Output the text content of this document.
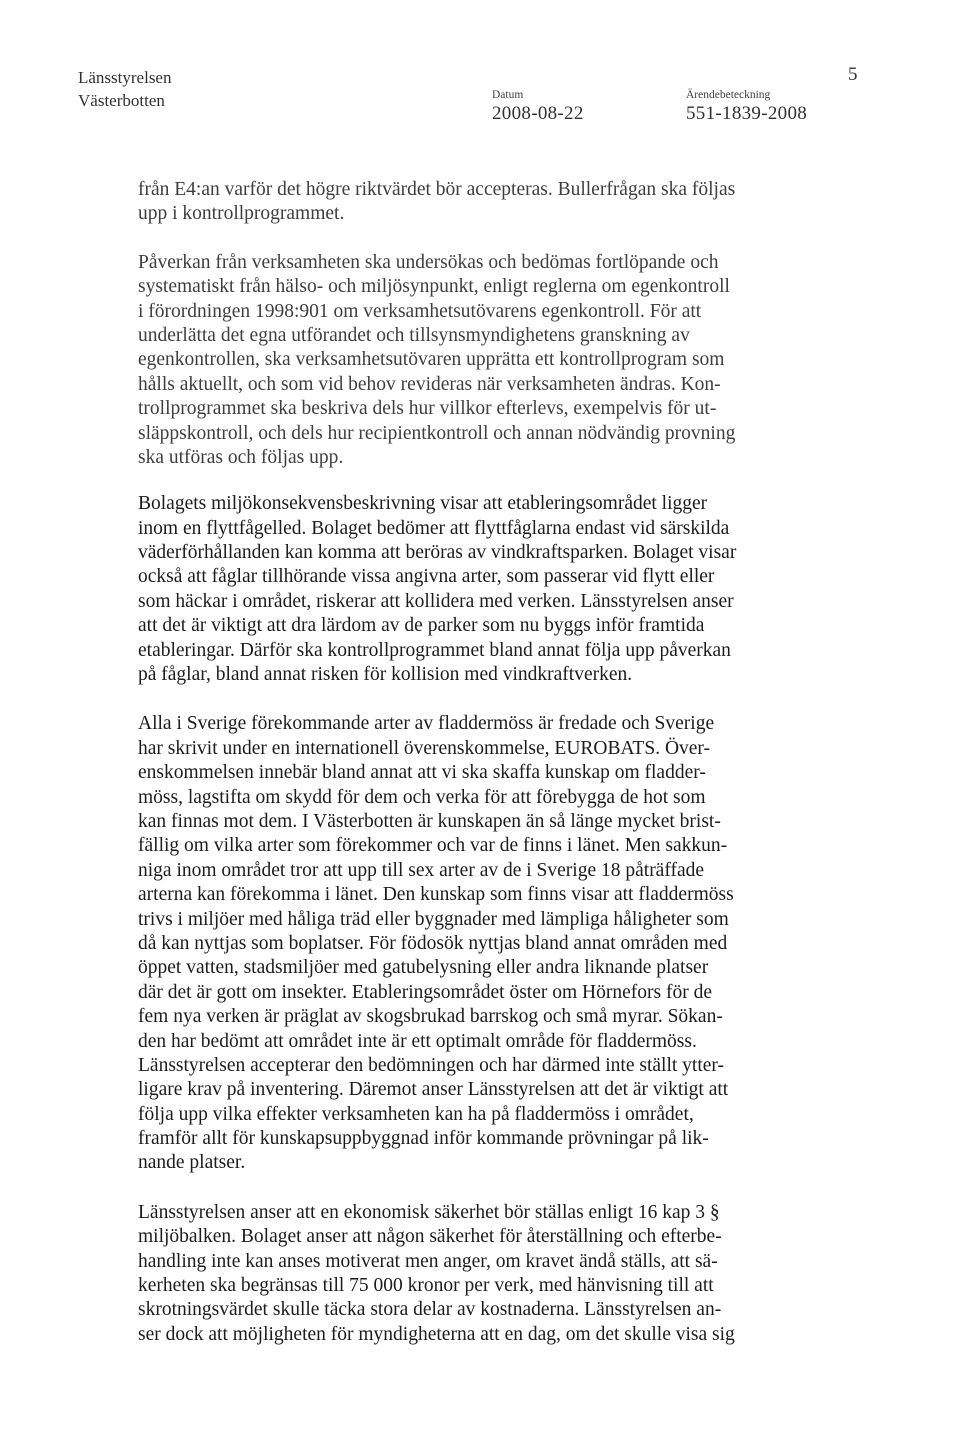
Länsstyrelsen
Västerbotten	Datum
2008-08-22
Ärendebeteckning
551-1839-2008
5
från E4:an varför det högre riktvärdet bör accepteras. Bullerfrågan ska följas
upp i kontrollprogrammet.
Påverkan från verksamheten ska undersökas och bedömas fortlöpande och
systematiskt från hälso- och miljösynpunkt, enligt reglerna om egenkontroll
i förordningen 1998:901 om verksamhetsutövarens egenkontroll. För att
underlätta det egna utförandet och tillsynsmyndighetens granskning av
egenkontrollen, ska verksamhetsutövaren upprätta ett kontrollprogram som
hålls aktuellt, och som vid behov revideras när verksamheten ändras. Kon-
trollprogrammet ska beskriva dels hur villkor efterlevs, exempelvis för ut-
släppskontroll, och dels hur recipientkontroll och annan nödvändig provning
ska utföras och följas upp.
Bolagets miljökonsekvensbeskrivning visar att etableringsområdet ligger
inom en flyttfågelled. Bolaget bedömer att flyttfåglarna endast vid särskilda
väderförhållanden kan komma att beröras av vindkraftsparken. Bolaget visar
också att fåglar tillhörande vissa angivna arter, som passerar vid flytt eller
som häckar i området, riskerar att kollidera med verken. Länsstyrelsen anser
att det är viktigt att dra lärdom av de parker som nu byggs inför framtida
etableringar. Därför ska kontrollprogrammet bland annat följa upp påverkan
på fåglar, bland annat risken för kollision med vindkraftverken.
Alla i Sverige förekommande arter av fladdermöss är fredade och Sverige
har skrivit under en internationell överenskommelse, EUROBATS. Över-
enskommelsen innebär bland annat att vi ska skaffa kunskap om fladder-
möss, lagstifta om skydd för dem och verka för att förebygga de hot som
kan finnas mot dem. I Västerbotten är kunskapen än så länge mycket brist-
fällig om vilka arter som förekommer och var de finns i länet. Men sakkun-
niga inom området tror att upp till sex arter av de i Sverige 18 påträffade
arterna kan förekomma i länet. Den kunskap som finns visar att fladdermöss
trivs i miljöer med håliga träd eller byggnader med lämpliga håligheter som
då kan nyttjas som boplatser. För födosök nyttjas bland annat områden med
öppet vatten, stadsmiljöer med gatubelysning eller andra liknande platser
där det är gott om insekter. Etableringsområdet öster om Hörnefors för de
fem nya verken är präglat av skogsbrukad barrskog och små myrar. Sökan-
den har bedömt att området inte är ett optimalt område för fladdermöss.
Länsstyrelsen accepterar den bedömningen och har därmed inte ställt ytter-
ligare krav på inventering. Däremot anser Länsstyrelsen att det är viktigt att
följa upp vilka effekter verksamheten kan ha på fladdermöss i området,
framför allt för kunskapsuppbyggnad inför kommande prövningar på lik-
nande platser.
Länsstyrelsen anser att en ekonomisk säkerhet bör ställas enligt 16 kap 3 §
miljöbalken. Bolaget anser att någon säkerhet för återställning och efterbe-
handling inte kan anses motiverat men anger, om kravet ändå ställs, att sä-
kerheten ska begränsas till 75 000 kronor per verk, med hänvisning till att
skrotningsvärdet skulle täcka stora delar av kostnaderna. Länsstyrelsen an-
ser dock att möjligheten för myndigheterna att en dag, om det skulle visa sig
